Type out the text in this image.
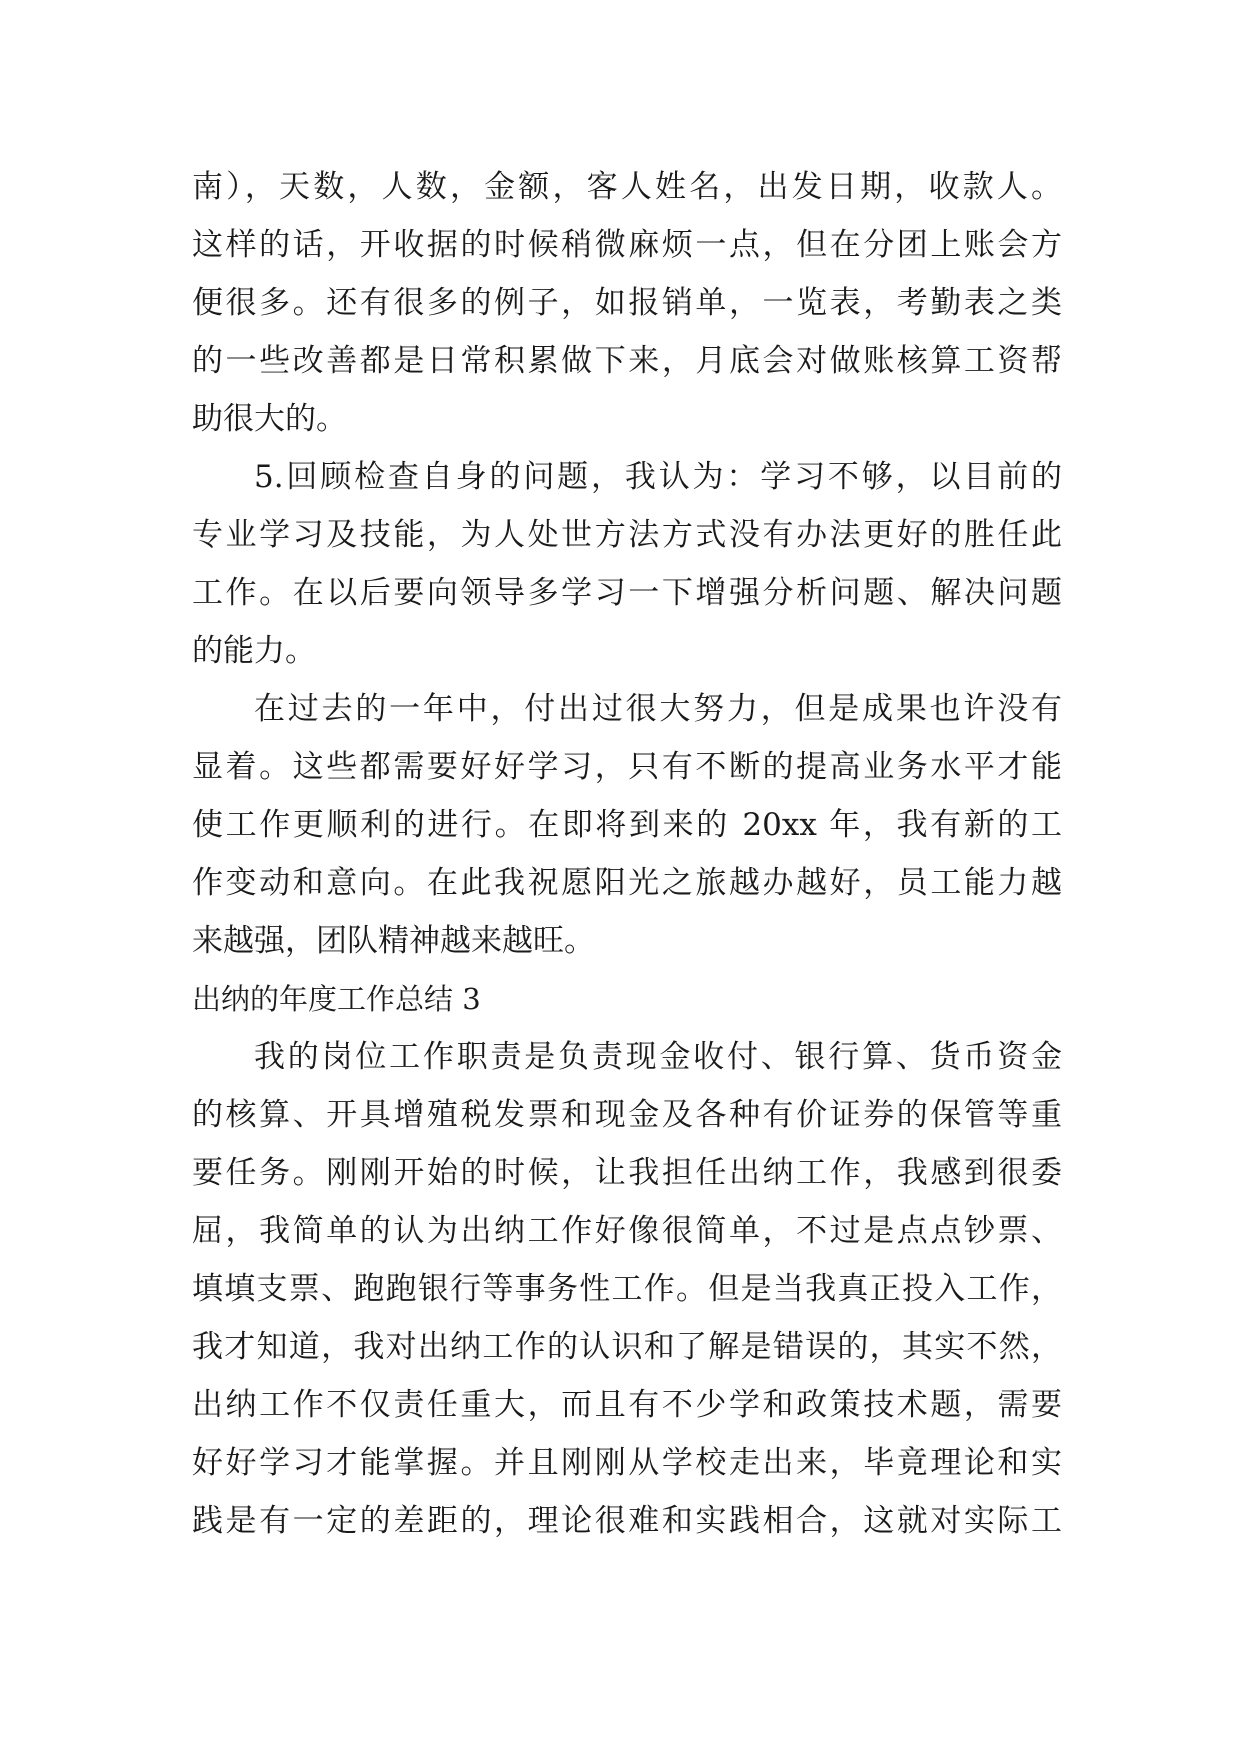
南），天数，人数，金额，客人姓名，出发日期，收款人。
这样的话，开收据的时候稍微麻烦一点，但在分团上账会方
便很多。还有很多的例子，如报销单，一览表，考勤表之类
的一些改善都是日常积累做下来，月底会对做账核算工资帮
助很大的。
5.回顾检查自身的问题，我认为：学习不够，以目前的
专业学习及技能，为人处世方法方式没有办法更好的胜任此
工作。在以后要向领导多学习一下增强分析问题、解决问题
的能力。
在过去的一年中，付出过很大努力，但是成果也许没有
显着。这些都需要好好学习，只有不断的提高业务水平才能
使工作更顺利的进行。在即将到来的 20xx 年，我有新的工
作变动和意向。在此我祝愿阳光之旅越办越好，员工能力越
来越强，团队精神越来越旺。
出纳的年度工作总结 3
我的岗位工作职责是负责现金收付、银行算、货币资金
的核算、开具增殖税发票和现金及各种有价证券的保管等重
要任务。刚刚开始的时候，让我担任出纳工作，我感到很委
屈，我简单的认为出纳工作好像很简单，不过是点点钞票、
填填支票、跑跑银行等事务性工作。但是当我真正投入工作，
我才知道，我对出纳工作的认识和了解是错误的，其实不然，
出纳工作不仅责任重大，而且有不少学和政策技术题，需要
好好学习才能掌握。并且刚刚从学校走出来，毕竟理论和实
践是有一定的差距的，理论很难和实践相合，这就对实际工
